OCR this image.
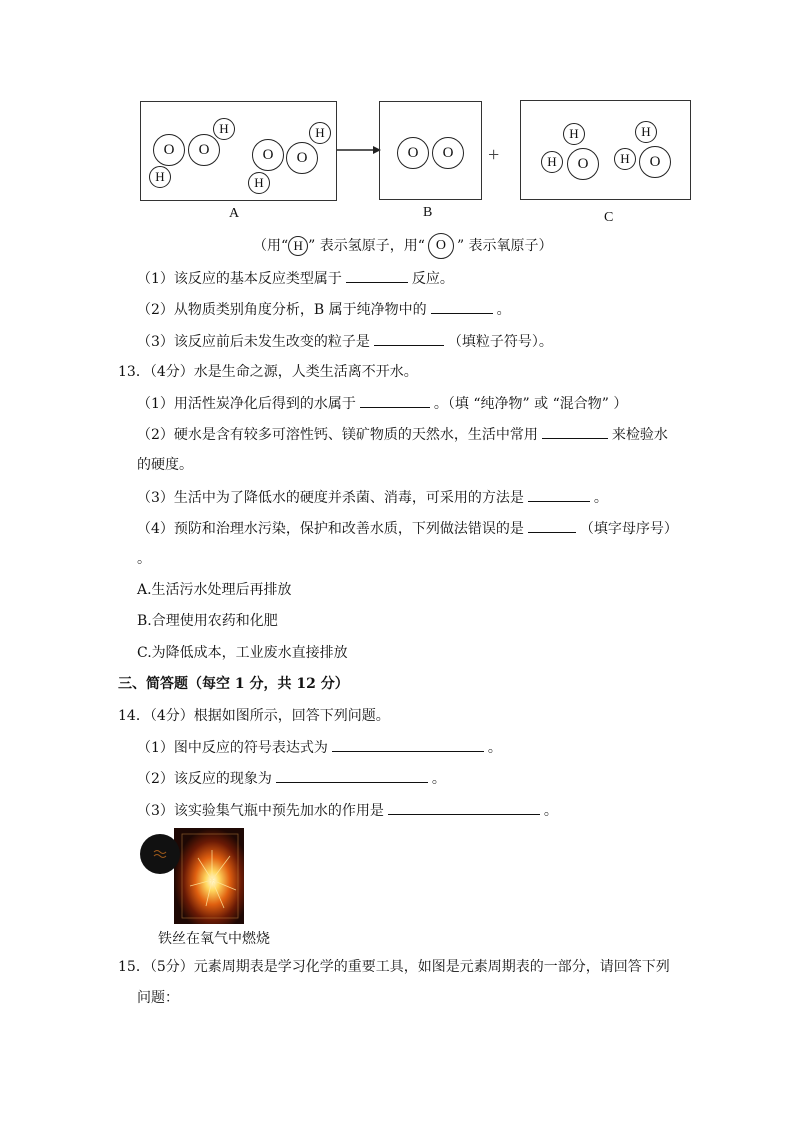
O	O
H
H
O	O
H
H
A
O	O
B
+
H
H	O
H
H	O
C
（用“ H ” 表示氢原子，用“ O ” 表示氧原子）
（1）该反应的基本反应类型属于	反应。
（2）从物质类别角度分析，B 属于纯净物中的	。
（3）该反应前后未发生改变的粒子是	（填粒子符号）。
13．（4分）水是生命之源，人类生活离不开水。
（1）用活性炭净化后得到的水属于	。（填 “纯净物” 或 “混合物” ）
（2）硬水是含有较多可溶性钙、镁矿物质的天然水，生活中常用	来检验水
的硬度。
（3）生活中为了降低水的硬度并杀菌、消毒，可采用的方法是	。
（4）预防和治理水污染，保护和改善水质，下列做法错误的是	（填字母序号）
。
A.生活污水处理后再排放
B.合理使用农药和化肥
C.为降低成本，工业废水直接排放
三、简答题（每空 1 分，共 12 分）
14．（4分）根据如图所示，回答下列问题。
（1）图中反应的符号表达式为	。
（2）该反应的现象为	。
（3）该实验集气瓶中预先加水的作用是	。
铁丝在氧气中燃烧
15．（5分）元素周期表是学习化学的重要工具，如图是元素周期表的一部分，请回答下列
问题：
